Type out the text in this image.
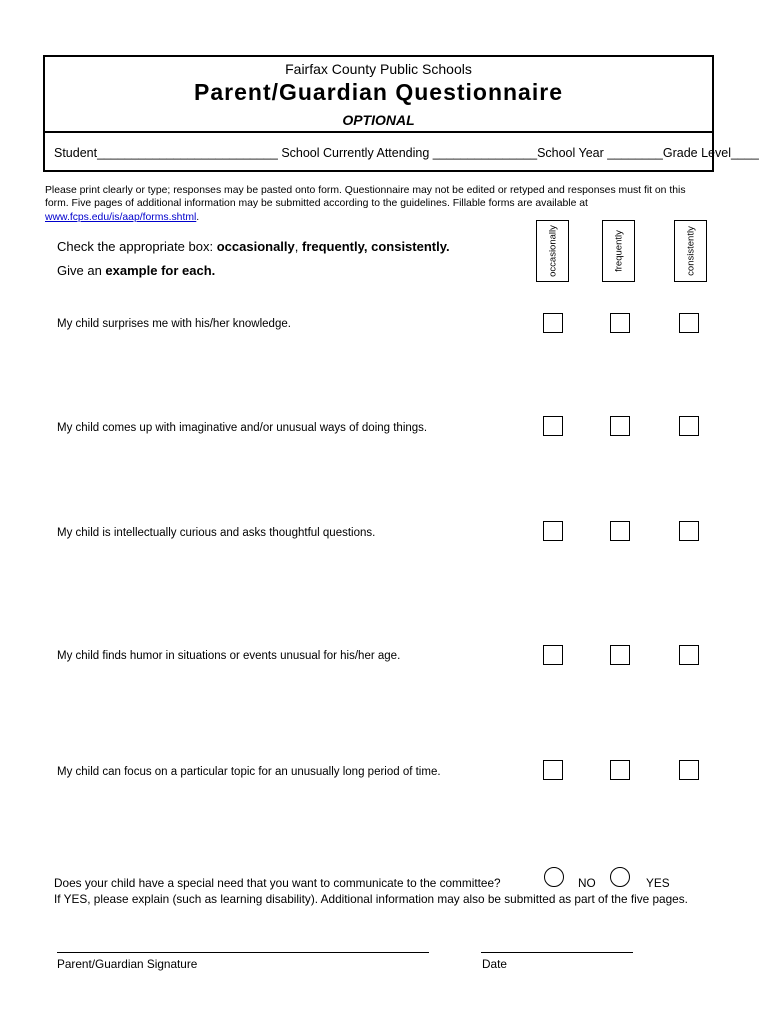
Fairfax County Public Schools
Parent/Guardian Questionnaire
OPTIONAL
Student__________________________ School Currently Attending _______________School Year ________Grade Level____
Please print clearly or type; responses may be pasted onto form. Questionnaire may not be edited or retyped and responses must fit on this form. Five pages of additional information may be submitted according to the guidelines. Fillable forms are available at www.fcps.edu/is/aap/forms.shtml.
occasionally	frequently	consistently
Check the appropriate box: occasionally, frequently, consistently.
Give an example for each.
My child surprises me with his/her knowledge.
My child comes up with imaginative and/or unusual ways of doing things.
My child is intellectually curious and asks thoughtful questions.
My child finds humor in situations or events unusual for his/her age.
My child can focus on a particular topic for an unusually long period of time.
Does your child have a special need that you want to communicate to the committee?	NO	YES
If YES, please explain (such as learning disability). Additional information may also be submitted as part of the five pages.
Parent/Guardian Signature	Date
